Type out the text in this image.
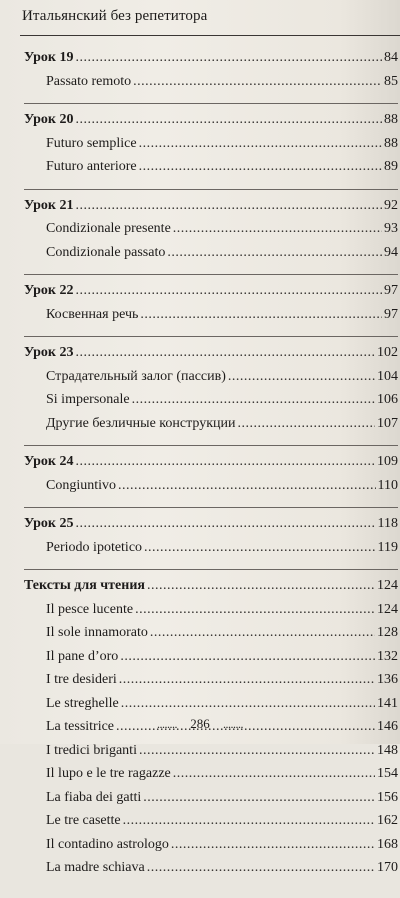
Итальянский без репетитора
Урок 19 . . .	84
Passato remoto . . .	85
Урок 20 . . .	88
Futuro semplice . . .	88
Futuro anteriore . . .	89
Урок 21 . . .	92
Condizionale presente . . .	93
Condizionale passato . . .	94
Урок 22 . . .	97
Косвенная речь . . .	97
Урок 23 . . .	102
Страдательный залог (пассив) . . .	104
Si impersonale . . .	106
Другие безличные конструкции . . .	107
Урок 24 . . .	109
Congiuntivo . . .	110
Урок 25 . . .	118
Periodo ipotetico . . .	119
Тексты для чтения . . .	124
Il pesce lucente . . .	124
Il sole innamorato . . .	128
Il pane d’oro . . .	132
I tre desideri . . .	136
Le streghelle . . .	141
La tessitrice . . .	146
I tredici briganti . . .	148
Il lupo e le tre ragazze . . .	154
La fiaba dei gatti . . .	156
Le tre casette . . .	162
Il contadino astrologo . . .	168
La madre schiava . . .	170
........ 286 ........
